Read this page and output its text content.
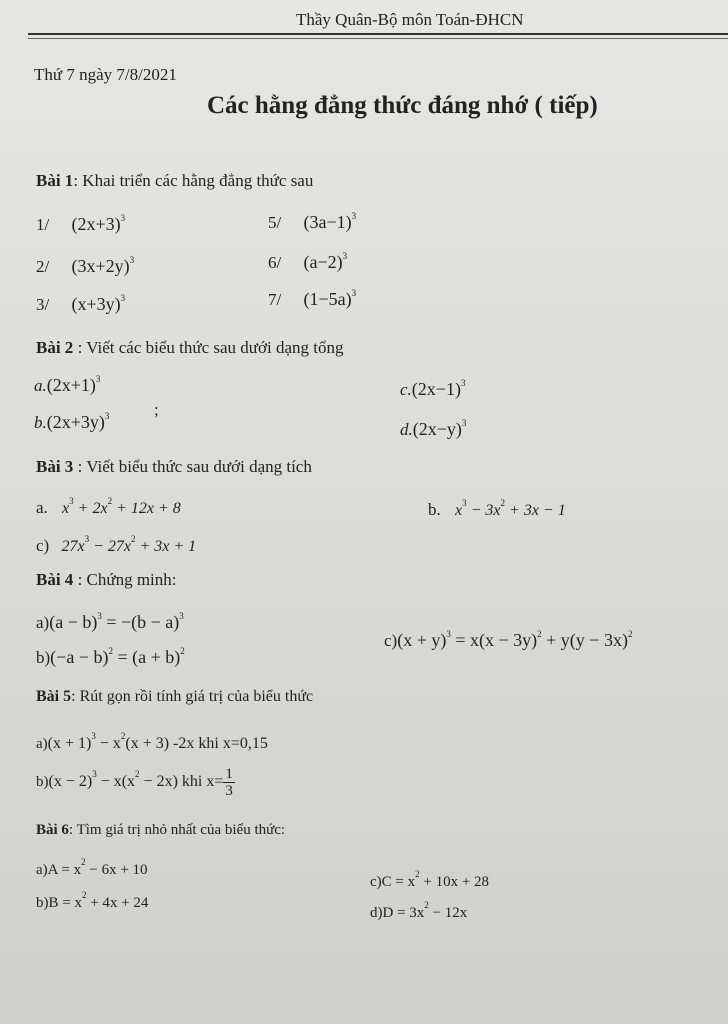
Thầy Quân-Bộ môn Toán-ĐHCN
Thứ 7 ngày 7/8/2021
Các hằng đẳng thức đáng nhớ ( tiếp)
Bài 1: Khai triển các hằng đẳng thức sau
1/ $(2x+3)^3$
2/ $(3x+2y)^3$
3/ $(x+3y)^3$
5/ $(3a-1)^3$
6/ $(a-2)^3$
7/ $(1-5a)^3$
Bài 2 : Viết các biểu thức sau dưới dạng tổng
$a.(2x+1)^3$
$b.(2x+3y)^3$	;
$c.(2x-1)^3$
$d.(2x-y)^3$
Bài 3 : Viết biểu thức sau dưới dạng tích
a. $x^3 + 2x^2 + 12x + 8$	b. $x^3 - 3x^2 + 3x - 1$
c) $27x^3 - 27x^2 + 3x + 1$
Bài 4 : Chứng minh:
$a)(a - b)^3 = -(b - a)^3$
$b)(-a - b)^2 = (a + b)^2$
$c)(x + y)^3 = x(x - 3y)^2 + y(y - 3x)^2$
Bài 5: Rút gọn rồi tính giá trị của biểu thức
$a)(x + 1)^3 - x^2(x + 3)$ -2x khi x=0,15
$b)(x - 2)^3 - x(x^2 - 2x)$ khi $x= \frac{1}{3}$
Bài 6: Tìm giá trị nhỏ nhất của biểu thức:
$a)A = x^2 - 6x + 10$
$b)B = x^2 + 4x + 24$
$c)C = x^2 + 10x + 28$
$d)D = 3x^2 - 12x$
